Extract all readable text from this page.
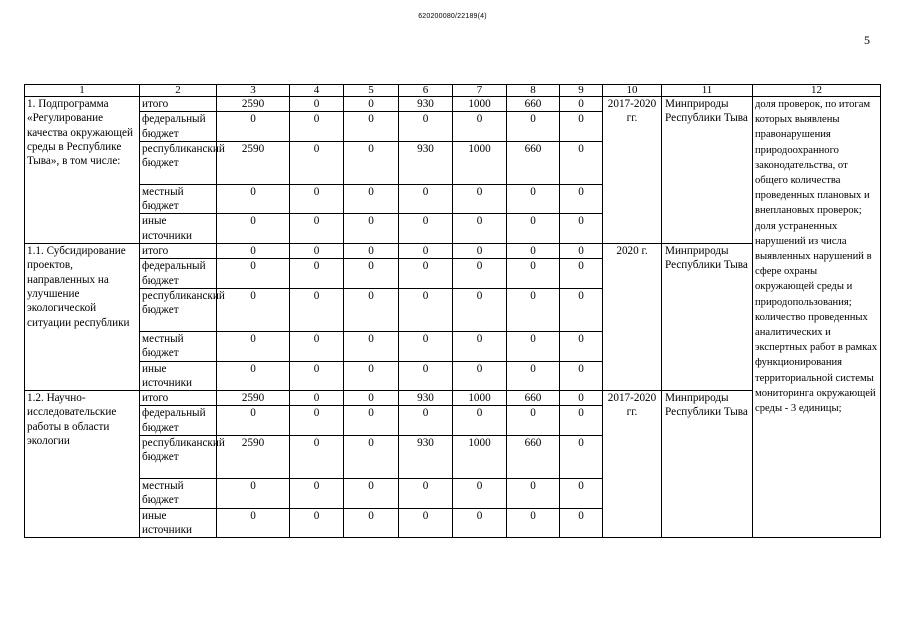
620200080/22189(4)
5
1	2	3	4	5	6	7	8	9	10	11	12
1. Подпрограмма «Регулирование качества окружающей среды в Республике Тыва», в том числе:	итого	2590	0	0	930	1000	660	0	2017-2020 гг.	Минприроды Республики Тыва	доля проверок, по итогам которых выявлены правонарушения природоохранного законодательства, от общего количества проведенных плановых и внеплановых проверок; доля устраненных нарушений из числа выявленных нарушений в сфере охраны окружающей среды и природопользования; количество проведенных аналитических и экспертных работ в рамках функционирования территориальной системы мониторинга окружающей среды - 3 единицы;
	федеральный бюджет	0	0	0	0	0	0	0			
	республиканский бюджет	2590	0	0	930	1000	660	0			
	местный бюджет	0	0	0	0	0	0	0			
	иные источники	0	0	0	0	0	0	0			
1.1. Субсидирование проектов, направленных на улучшение экологической ситуации республики	итого	0	0	0	0	0	0	0	2020 г.	Минприроды Республики Тыва	
	федеральный бюджет	0	0	0	0	0	0	0			
	республиканский бюджет	0	0	0	0	0	0	0			
	местный бюджет	0	0	0	0	0	0	0			
	иные источники	0	0	0	0	0	0	0			
1.2. Научно-исследовательские работы в области экологии	итого	2590	0	0	930	1000	660	0	2017-2020 гг.	Минприроды Республики Тыва	
	федеральный бюджет	0	0	0	0	0	0	0			
	республиканский бюджет	2590	0	0	930	1000	660	0			
	местный бюджет	0	0	0	0	0	0	0			
	иные источники	0	0	0	0	0	0	0			
